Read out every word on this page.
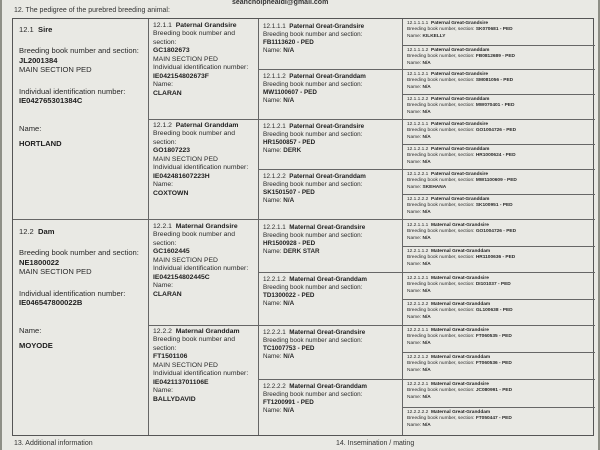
seancholpheaidi@gmail.com
12. The pedigree of the purebred breeding animal:
12.1 Sire
Breeding book number and section:
JL2001384
MAIN SECTION PED
Individual identification number:
IE042765301384C
Name:
HORTLAND
12.2 Dam
Breeding book number and section:
NE1800022
MAIN SECTION PED
Individual identification number:
IE046547800022B
Name:
MOYODE
12.1.1 Paternal Grandsire
Breeding book number and section:
GC1802673
MAIN SECTION PED
Individual identification number:
IE042154802673F
Name:
CLARAN
12.1.2 Paternal Granddam
Breeding book number and section:
GO1807223
MAIN SECTION PED
Individual identification number:
IE042481607223H
Name:
COXTOWN
12.2.1 Maternal Grandsire
Breeding book number and section:
GC1602445
MAIN SECTION PED
Individual identification number:
IE042154802445C
Name:
CLARAN
12.2.2 Maternal Granddam
Breeding book number and section:
FT1501106
MAIN SECTION PED
Individual identification number:
IE042113701106E
Name:
BALLYDAVID
12.1.1.1 Paternal Great-Grandsire
Breeding book number and section:
FB1113620 - PED
Name: N/A
12.1.1.2 Paternal Great-Granddam
Breeding book number and section:
MW1100607 - PED
Name: N/A
12.1.2.1 Paternal Great-Grandsire
Breeding book number and section:
HR1500857 - PED
Name: DERK
12.1.2.2 Paternal Great-Granddam
Breeding book number and section:
SK1501507 - PED
Name: N/A
12.2.1.1 Maternal Great-Grandsire
Breeding book number and section:
HR1500928 - PED
Name: DERK STAR
12.2.1.2 Maternal Great-Granddam
Breeding book number and section:
TD1300022 - PED
Name: N/A
12.2.2.1 Maternal Great-Grandsire
Breeding book number and section:
TC1007753 - PED
Name: N/A
12.2.2.2 Maternal Great-Granddam
Breeding book number and section:
FT1200991 - PED
Name: N/A
12.1.1.1.1 Paternal Great-Grandsire
Breeding book number, section: SK070681 - PED
Name: KILKELLY
12.1.1.1.2 Paternal Great-Granddam
Breeding book number, section: FB0812689 - PED
Name: N/A
12.1.1.2.1 Paternal Great-Grandsire
Breeding book number, section: SM081056 - PED
Name: N/A
12.1.1.2.2 Paternal Great-Granddam
Breeding book number, section: MW070401 - PED
Name: N/A
12.1.2.1.1 Paternal Great-Grandsire
Breeding book number, section: GO1004726 - PED
Name: N/A
12.1.2.1.2 Paternal Great-Granddam
Breeding book number, section: HR1000624 - PED
Name: N/A
12.1.2.2.1 Paternal Great-Grandsire
Breeding book number, section: MW1100609 - PED
Name: SKEHANA
12.1.2.2.2 Paternal Great-Granddam
Breeding book number, section: SK100951 - PED
Name: N/A
12.2.1.1.1 Maternal Great-Grandsire
Breeding book number, section: GO1004726 - PED
Name: N/A
12.2.1.1.2 Maternal Great-Granddam
Breeding book number, section: HR1100636 - PED
Name: N/A
12.2.1.2.1 Maternal Great-Grandsire
Breeding book number, section: DI101037 - PED
Name: N/A
12.2.1.2.2 Maternal Great-Granddam
Breeding book number, section: GL100638 - PED
Name: N/A
12.2.2.1.1 Maternal Great-Grandsire
Breeding book number, section: FT060535 - PED
Name: N/A
12.2.2.1.2 Maternal Great-Granddam
Breeding book number, section: FT060536 - PED
Name: N/A
12.2.2.2.1 Maternal Great-Grandsire
Breeding book number, section: JC080991 - PED
Name: N/A
12.2.2.2.2 Maternal Great-Granddam
Breeding book number, section: FT050447 - PED
Name: N/A
13. Additional information	14. Insemination / mating
